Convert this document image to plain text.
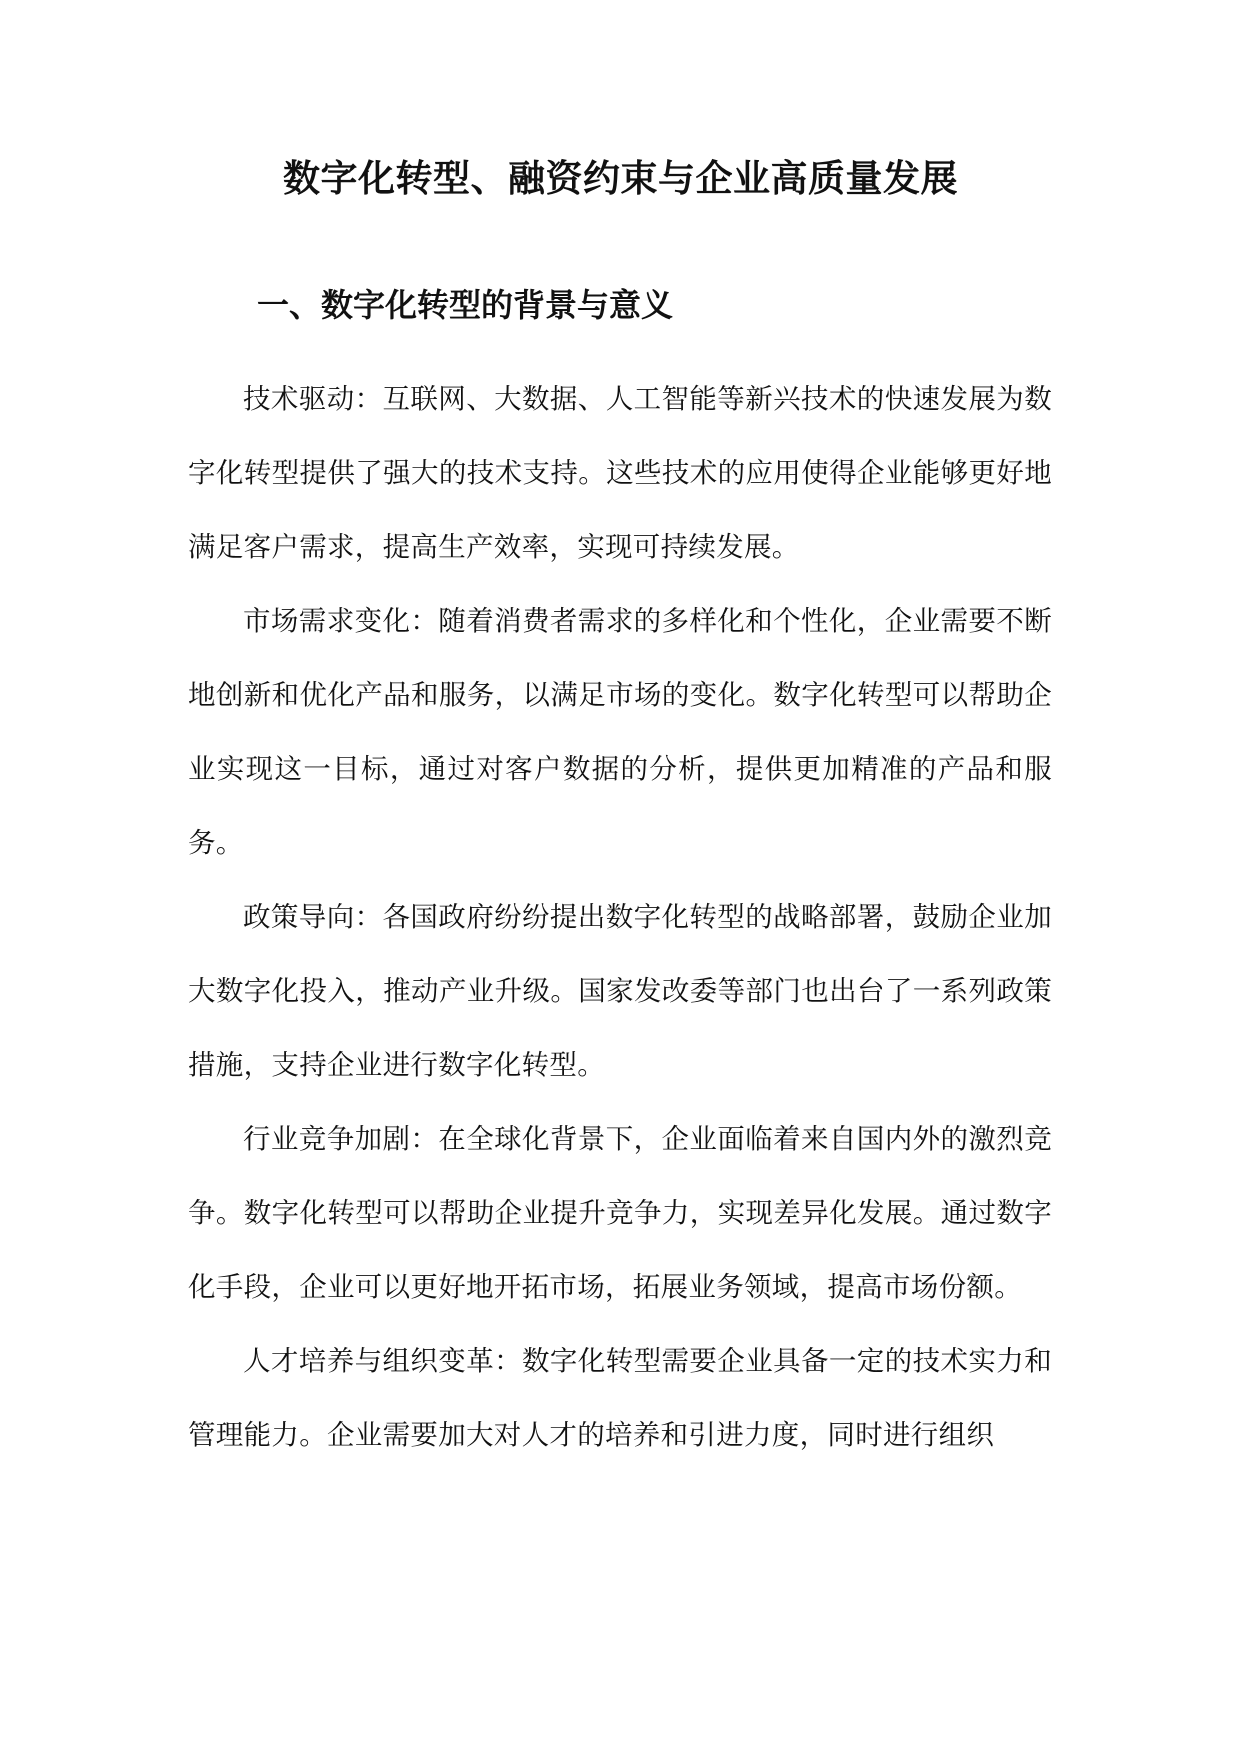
数字化转型、融资约束与企业高质量发展
一、数字化转型的背景与意义

技术驱动：互联网、大数据、人工智能等新兴技术的快速发展为数字化转型提供了强大的技术支持。这些技术的应用使得企业能够更好地满足客户需求，提高生产效率，实现可持续发展。

市场需求变化：随着消费者需求的多样化和个性化，企业需要不断地创新和优化产品和服务，以满足市场的变化。数字化转型可以帮助企业实现这一目标，通过对客户数据的分析，提供更加精准的产品和服务。

政策导向：各国政府纷纷提出数字化转型的战略部署，鼓励企业加大数字化投入，推动产业升级。国家发改委等部门也出台了一系列政策措施，支持企业进行数字化转型。

行业竞争加剧：在全球化背景下，企业面临着来自国内外的激烈竞争。数字化转型可以帮助企业提升竞争力，实现差异化发展。通过数字化手段，企业可以更好地开拓市场，拓展业务领域，提高市场份额。

人才培养与组织变革：数字化转型需要企业具备一定的技术实力和管理能力。企业需要加大对人才的培养和引进力度，同时进行组织
